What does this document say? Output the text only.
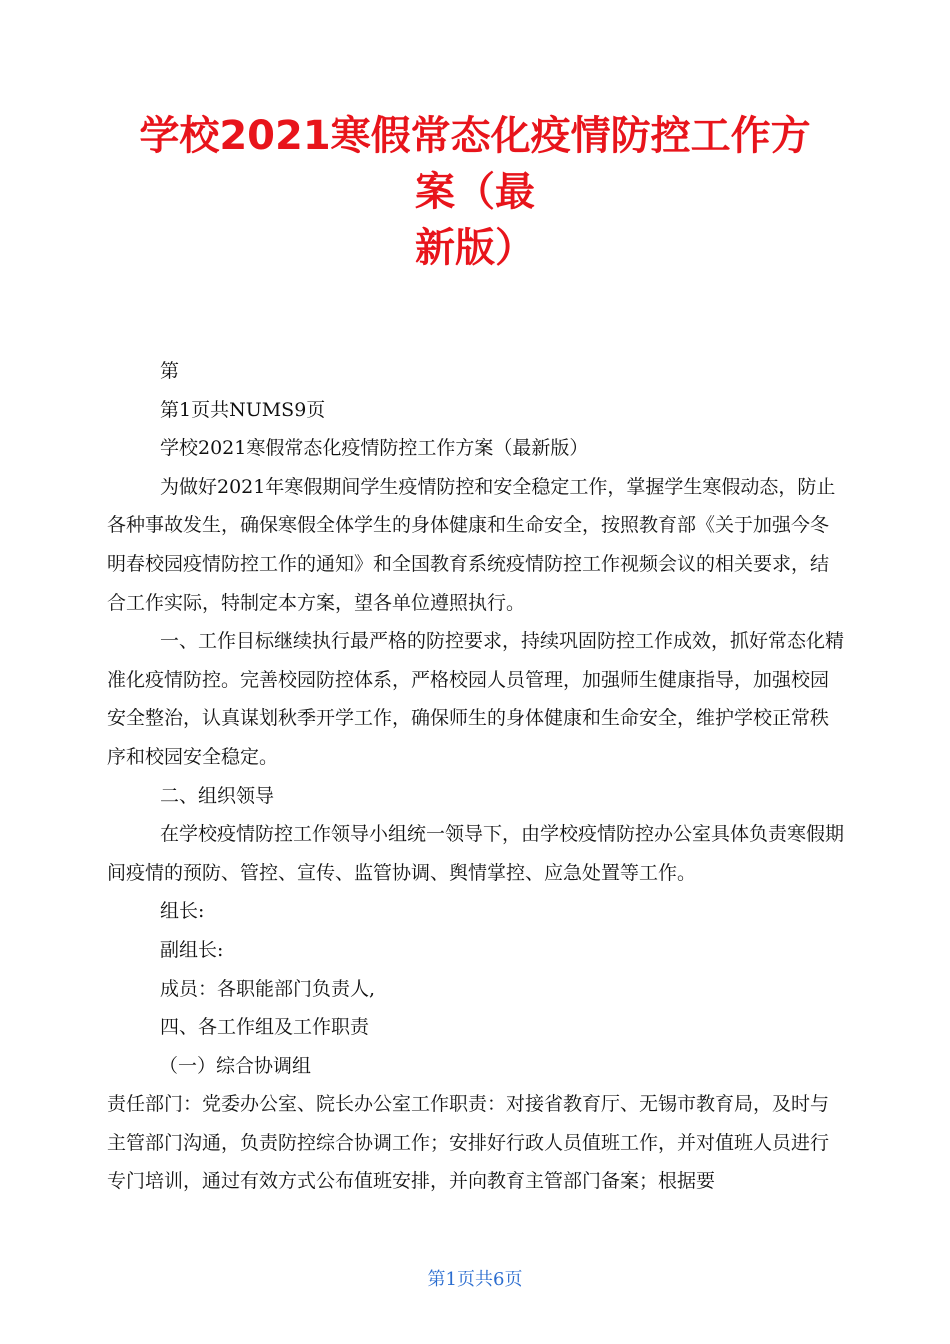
学校2021寒假常态化疫情防控工作方
案（最
新版）

第

第1页共NUMS9页

学校2021寒假常态化疫情防控工作方案（最新版）

为做好2021年寒假期间学生疫情防控和安全稳定工作，掌握学生寒假动态，防止各种事故发生，确保寒假全体学生的身体健康和生命安全，按照教育部《关于加强今冬明春校园疫情防控工作的通知》和全国教育系统疫情防控工作视频会议的相关要求，结合工作实际，特制定本方案，望各单位遵照执行。

一、工作目标继续执行最严格的防控要求，持续巩固防控工作成效，抓好常态化精准化疫情防控。完善校园防控体系，严格校园人员管理，加强师生健康指导，加强校园安全整治，认真谋划秋季开学工作，确保师生的身体健康和生命安全，维护学校正常秩序和校园安全稳定。

二、组织领导

在学校疫情防控工作领导小组统一领导下，由学校疫情防控办公室具体负责寒假期间疫情的预防、管控、宣传、监管协调、舆情掌控、应急处置等工作。

组长:

副组长:

成员：各职能部门负责人,

四、各工作组及工作职责

（一）综合协调组

责任部门：党委办公室、院长办公室工作职责：对接省教育厅、无锡市教育局，及时与主管部门沟通，负责防控综合协调工作；安排好行政人员值班工作，并对值班人员进行专门培训，通过有效方式公布值班安排，并向教育主管部门备案；根据要

第1页共6页
